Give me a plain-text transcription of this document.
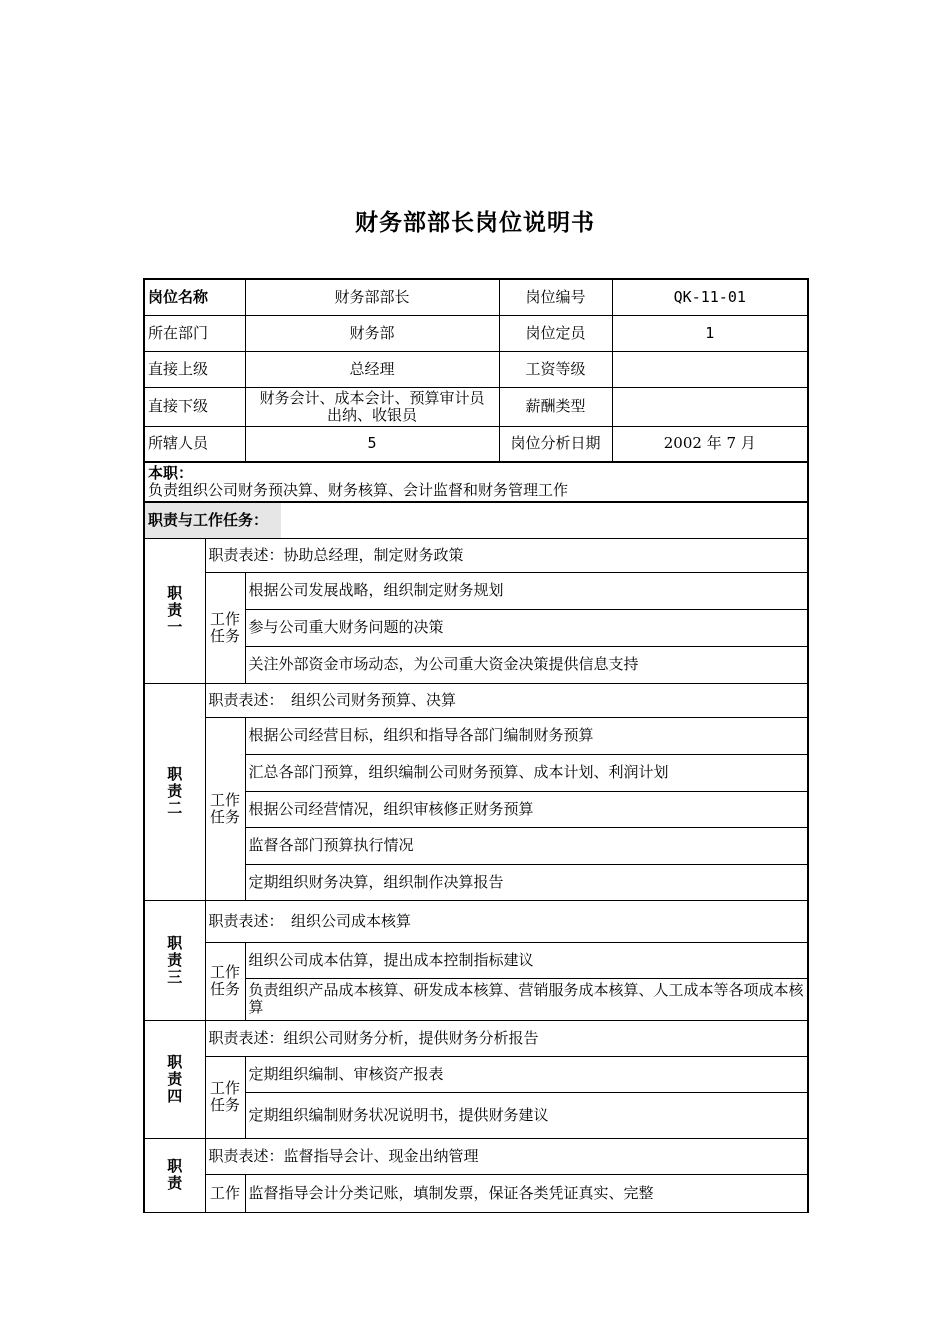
财务部部长岗位说明书
岗位名称		财务部部长	岗位编号	QK-11-01
所在部门		财务部	岗位定员	1
直接上级		总经理	工资等级	
直接下级		财务会计、成本会计、预算审计员
出纳、收银员	薪酬类型	
所辖人员		5	岗位分析日期	2002 年 7 月

本职：
负责组织公司财务预决算、财务核算、会计监督和财务管理工作				

职责与工作任务：				

职
责
一	职责表述：协助总经理，制定财务政策			

	工作
任务	根据公司发展战略，组织制定财务规划		
		参与公司重大财务问题的决策		
		关注外部资金市场动态，为公司重大资金决策提供信息支持		

职
责
二	职责表述：　组织公司财务预算、决算			

	工作
任务	根据公司经营目标，组织和指导各部门编制财务预算		
		汇总各部门预算，组织编制公司财务预算、成本计划、利润计划		
		根据公司经营情况，组织审核修正财务预算		
		监督各部门预算执行情况		
		定期组织财务决算，组织制作决算报告		

职
责
三	职责表述：　组织公司成本核算			

	工作
任务	组织公司成本估算，提出成本控制指标建议		
		负责组织产品成本核算、研发成本核算、营销服务成本核算、人工成本等各项成本核算		

职
责
四	职责表述：组织公司财务分析，提供财务分析报告			

	工作
任务	定期组织编制、审核资产报表		
		定期组织编制财务状况说明书，提供财务建议		

职
责	职责表述：监督指导会计、现金出纳管理			
	工作	监督指导会计分类记账，填制发票，保证各类凭证真实、完整		
